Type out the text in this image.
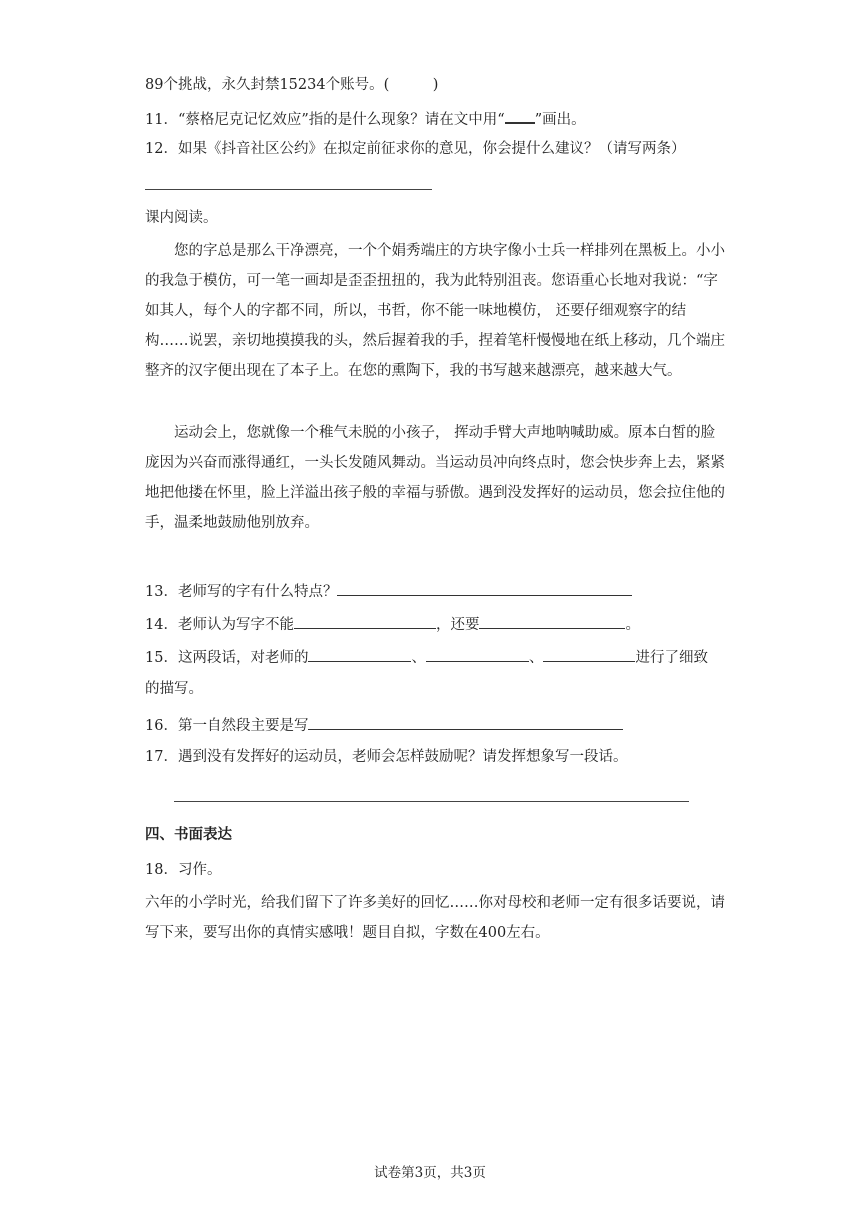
89个挑战，永久封禁15234个账号。(　　　)
11．“蔡格尼克记忆效应”指的是什么现象？请在文中用“ ”画出。
12．如果《抖音社区公约》在拟定前征求你的意见，你会提什么建议？（请写两条）
课内阅读。
您的字总是那么干净漂亮，一个个娟秀端庄的方块字像小士兵一样排列在黑板上。小小的我急于模仿，可一笔一画却是歪歪扭扭的，我为此特别沮丧。您语重心长地对我说：“字如其人，每个人的字都不同，所以，书哲，你不能一味地模仿， 还要仔细观察字的结构……说罢，亲切地摸摸我的头，然后握着我的手，捏着笔杆慢慢地在纸上移动，几个端庄整齐的汉字便出现在了本子上。在您的熏陶下，我的书写越来越漂亮，越来越大气。
运动会上，您就像一个稚气未脱的小孩子， 挥动手臂大声地呐喊助威。原本白皙的脸庞因为兴奋而涨得通红，一头长发随风舞动。当运动员冲向终点时，您会快步奔上去，紧紧地把他搂在怀里，脸上洋溢出孩子般的幸福与骄傲。遇到没发挥好的运动员，您会拉住他的手，温柔地鼓励他别放弃。
13．老师写的字有什么特点？
14．老师认为写字不能	，还要	。
15．这两段话，对老师的	、	、	进行了细致
的描写。
16．第一自然段主要是写
17．遇到没有发挥好的运动员，老师会怎样鼓励呢？请发挥想象写一段话。
四、书面表达
18．习作。
六年的小学时光，给我们留下了许多美好的回忆……你对母校和老师一定有很多话要说，请写下来，要写出你的真情实感哦！题目自拟，字数在400左右。
试卷第3页，共3页
